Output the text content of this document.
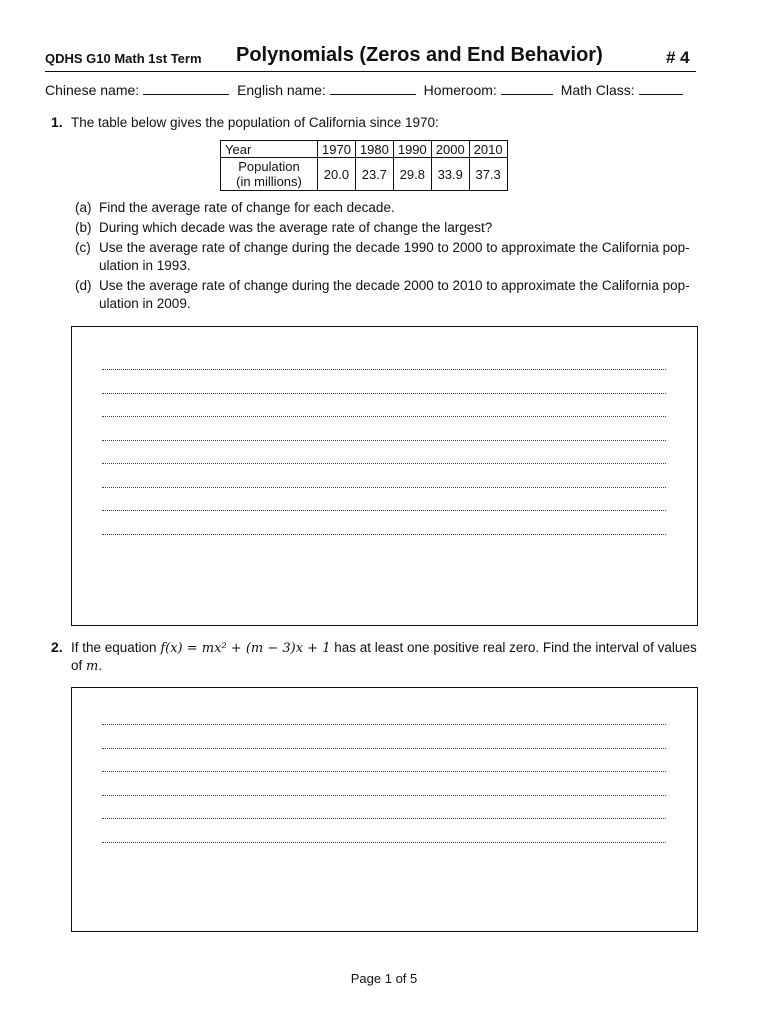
QDHS G10 Math 1st Term Polynomials (Zeros and End Behavior)	# 4
Chinese name:	English name:	Homeroom:	Math Class:
1. The table below gives the population of California since 1970:
Year	1970	1980	1990	2000	2010

Population
(in millions)	20.0	23.7	29.8	33.9	37.3
(a) Find the average rate of change for each decade.
(b) During which decade was the average rate of change the largest?
(c) Use the average rate of change during the decade 1990 to 2000 to approximate the California pop-
ulation in 1993.
(d) Use the average rate of change during the decade 2000 to 2010 to approximate the California pop-
ulation in 2009.
2. If the equation f(x) = mx² + (m − 3)x + 1 has at least one positive real zero. Find the interval of values
of m.
Page 1 of 5
